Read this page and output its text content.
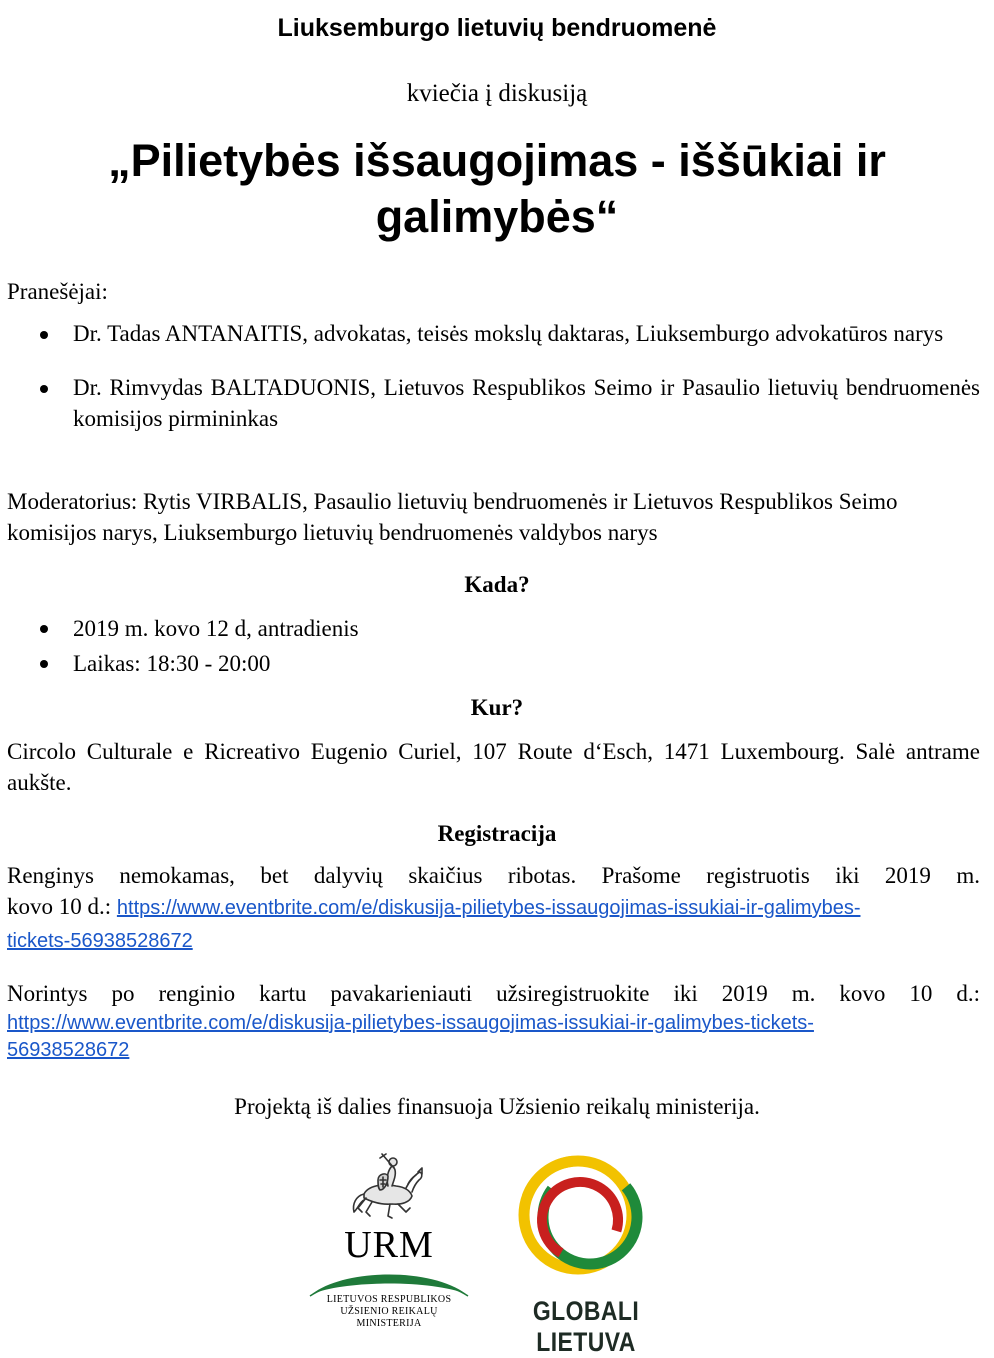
Liuksemburgo lietuvių bendruomenė
kviečia į diskusiją
„Pilietybės išsaugojimas - iššūkiai ir galimybės“
Pranešėjai:
Dr. Tadas ANTANAITIS, advokatas, teisės mokslų daktaras, Liuksemburgo advokatūros narys
Dr. Rimvydas BALTADUONIS, Lietuvos Respublikos Seimo ir Pasaulio lietuvių bendruomenės komisijos pirmininkas
Moderatorius: Rytis VIRBALIS, Pasaulio lietuvių bendruomenės ir Lietuvos Respublikos Seimo komisijos narys, Liuksemburgo lietuvių bendruomenės valdybos narys
Kada?
2019 m. kovo 12 d, antradienis
Laikas: 18:30 - 20:00
Kur?
Circolo Culturale e Ricreativo Eugenio Curiel, 107 Route d‘Esch, 1471 Luxembourg. Salė antrame aukšte.
Registracija
Renginys nemokamas, bet dalyvių skaičius ribotas. Prašome registruotis iki 2019 m.
kovo 10 d.: https://www.eventbrite.com/e/diskusija-pilietybes-issaugojimas-issukiai-ir-galimybes-
tickets-56938528672
Norintys po renginio kartu pavakarieniauti užsiregistruokite iki 2019 m. kovo 10 d.:
https://www.eventbrite.com/e/diskusija-pilietybes-issaugojimas-issukiai-ir-galimybes-tickets-
56938528672
Projektą iš dalies finansuoja Užsienio reikalų ministerija.
URM
LIETUVOS RESPUBLIKOS
UŽSIENIO REIKALŲ
MINISTERIJA	GLOBALI LIETUVA
